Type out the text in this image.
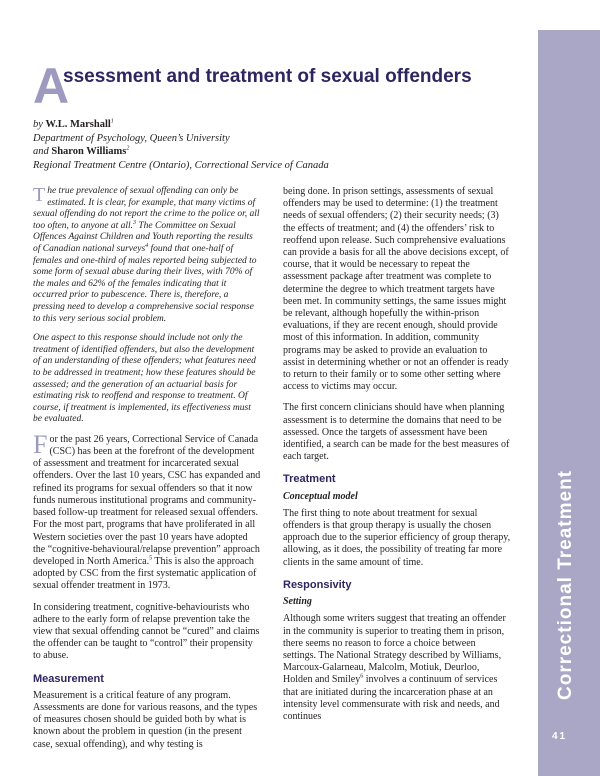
Correctional Treatment
41
A
ssessment and treatment of sexual offenders

by W.L. Marshall$^1$

Department of Psychology, Queen’s University

and Sharon Williams$^2$

Regional Treatment Centre (Ontario), Correctional Service of Canada

The true prevalence of sexual offending can only be estimated. It is clear, for example, that many victims of sexual offending do not report the crime to the police or, all too often, to anyone at all.$^3$ The Committee on Sexual Offences Against Children and Youth reporting the results of Canadian national surveys$^4$ found that one-half of females and one-third of males reported being subjected to some form of sexual abuse during their lives, with 70% of the males and 62% of the females indicating that it occurred prior to pubescence. There is, therefore, a pressing need to develop a comprehensive social response to this very serious social problem.

One aspect to this response should include not only the treatment of identified offenders, but also the development of an understanding of these offenders; what features need to be addressed in treatment; how these features should be assessed; and the generation of an actuarial basis for estimating risk to reoffend and response to treatment. Of course, if treatment is implemented, its effectiveness must be evaluated.

For the past 26 years, Correctional Service of Canada (CSC) has been at the forefront of the development of assessment and treatment for incarcerated sexual offenders. Over the last 10 years, CSC has expanded and refined its programs for sexual offenders so that it now funds numerous institutional programs and community-based follow-up treatment for released sexual offenders. For the most part, programs that have proliferated in all Western societies over the past 10 years have adopted the “cognitive-behavioural/relapse prevention” approach developed in North America.$^5$ This is also the approach adopted by CSC from the first systematic application of sexual offender treatment in 1973.

In considering treatment, cognitive-behaviourists who adhere to the early form of relapse prevention take the view that sexual offending cannot be “cured” and claims the offender can be taught to “control” their propensity to abuse.

Measurement

Measurement is a critical feature of any program. Assessments are done for various reasons, and the types of measures chosen should be guided both by what is known about the problem in question (in the present case, sexual offending), and why testing is

being done. In prison settings, assessments of sexual offenders may be used to determine: (1) the treatment needs of sexual offenders; (2) their security needs; (3) the effects of treatment; and (4) the offenders’ risk to reoffend upon release. Such comprehensive evaluations can provide a basis for all the above decisions except, of course, that it would be necessary to repeat the assessment package after treatment was complete to determine the degree to which treatment targets have been met. In community settings, the same issues might be relevant, although hopefully the within-prison evaluations, if they are recent enough, should provide most of this information. In addition, community programs may be asked to provide an evaluation to assist in determining whether or not an offender is ready to return to their family or to some other setting where access to victims may occur.

The first concern clinicians should have when planning assessment is to determine the domains that need to be assessed. Once the targets of assessment have been identified, a search can be made for the best measures of each target.

Treatment
Conceptual model

The first thing to note about treatment for sexual offenders is that group therapy is usually the chosen approach due to the superior efficiency of group therapy, allowing, as it does, the possibility of treating far more clients in the same amount of time.

Responsivity
Setting

Although some writers suggest that treating an offender in the community is superior to treating them in prison, there seems no reason to force a choice between settings. The National Strategy described by Williams, Marcoux-Galarneau, Malcolm, Motiuk, Deurloo, Holden and Smiley$^6$ involves a continuum of services that are initiated during the incarceration phase at an intensity level commensurate with risk and needs, and continues
